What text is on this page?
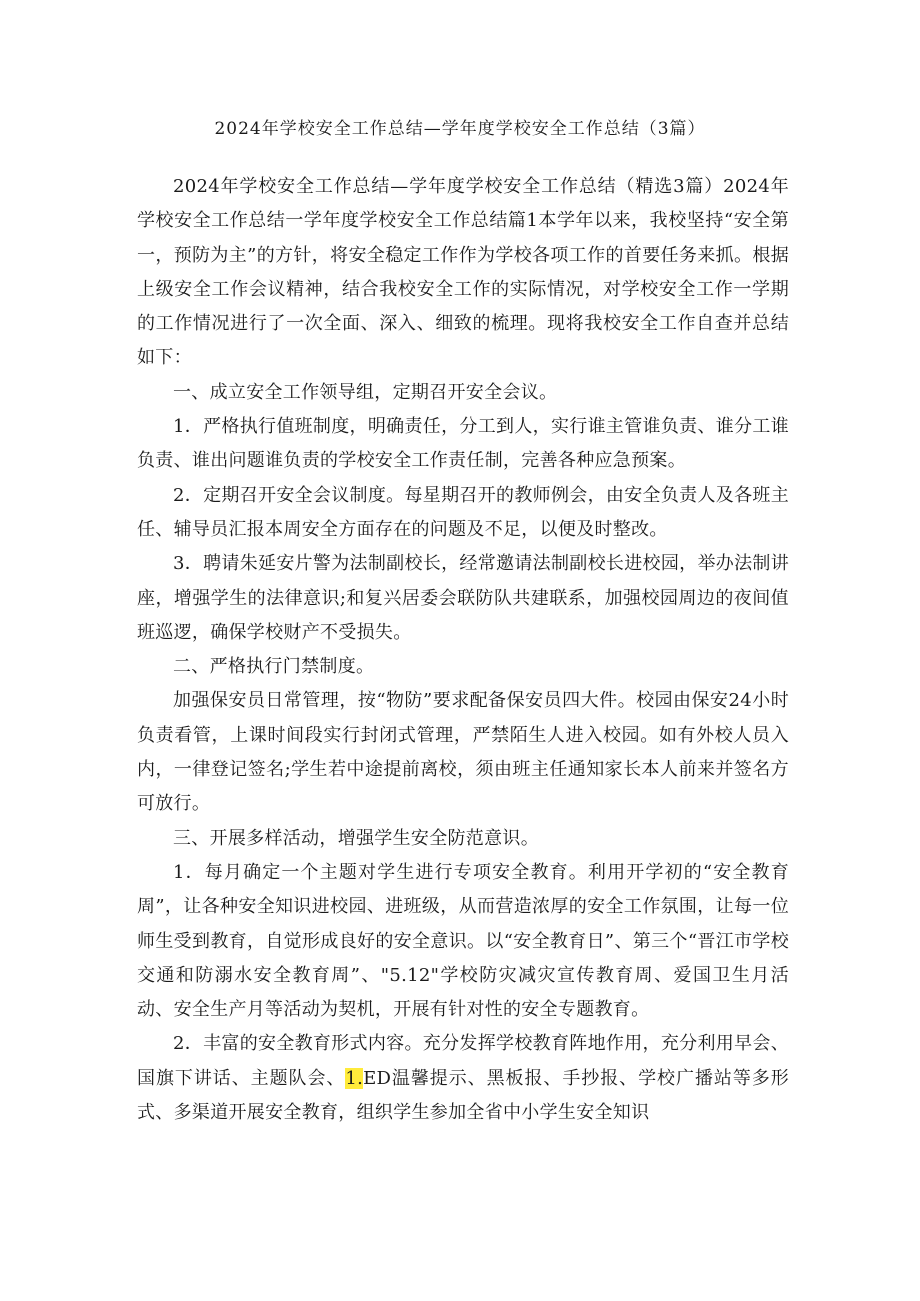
2024年学校安全工作总结—学年度学校安全工作总结（3篇）

2024年学校安全工作总结—学年度学校安全工作总结（精选3篇）2024年学校安全工作总结一学年度学校安全工作总结篇1本学年以来，我校坚持“安全第一，预防为主”的方针，将安全稳定工作作为学校各项工作的首要任务来抓。根据上级安全工作会议精神，结合我校安全工作的实际情况，对学校安全工作一学期的工作情况进行了一次全面、深入、细致的梳理。现将我校安全工作自查并总结如下：

一、成立安全工作领导组，定期召开安全会议。

1．严格执行值班制度，明确责任，分工到人，实行谁主管谁负责、谁分工谁负责、谁出问题谁负责的学校安全工作责任制，完善各种应急预案。

2．定期召开安全会议制度。每星期召开的教师例会，由安全负责人及各班主任、辅导员汇报本周安全方面存在的问题及不足，以便及时整改。

3．聘请朱延安片警为法制副校长，经常邀请法制副校长进校园，举办法制讲座，增强学生的法律意识;和复兴居委会联防队共建联系，加强校园周边的夜间值班巡逻，确保学校财产不受损失。

二、严格执行门禁制度。

加强保安员日常管理，按“物防”要求配备保安员四大件。校园由保安24小时负责看管，上课时间段实行封闭式管理，严禁陌生人进入校园。如有外校人员入内，一律登记签名;学生若中途提前离校，须由班主任通知家长本人前来并签名方可放行。

三、开展多样活动，增强学生安全防范意识。

1．每月确定一个主题对学生进行专项安全教育。利用开学初的“安全教育周”，让各种安全知识进校园、进班级，从而营造浓厚的安全工作氛围，让每一位师生受到教育，自觉形成良好的安全意识。以“安全教育日”、第三个“晋江市学校交通和防溺水安全教育周”、"5.12"学校防灾减灾宣传教育周、爱国卫生月活动、安全生产月等活动为契机，开展有针对性的安全专题教育。

2．丰富的安全教育形式内容。充分发挥学校教育阵地作用，充分利用早会、国旗下讲话、主题队会、1.ED温馨提示、黑板报、手抄报、学校广播站等多形式、多渠道开展安全教育，组织学生参加全省中小学生安全知识
